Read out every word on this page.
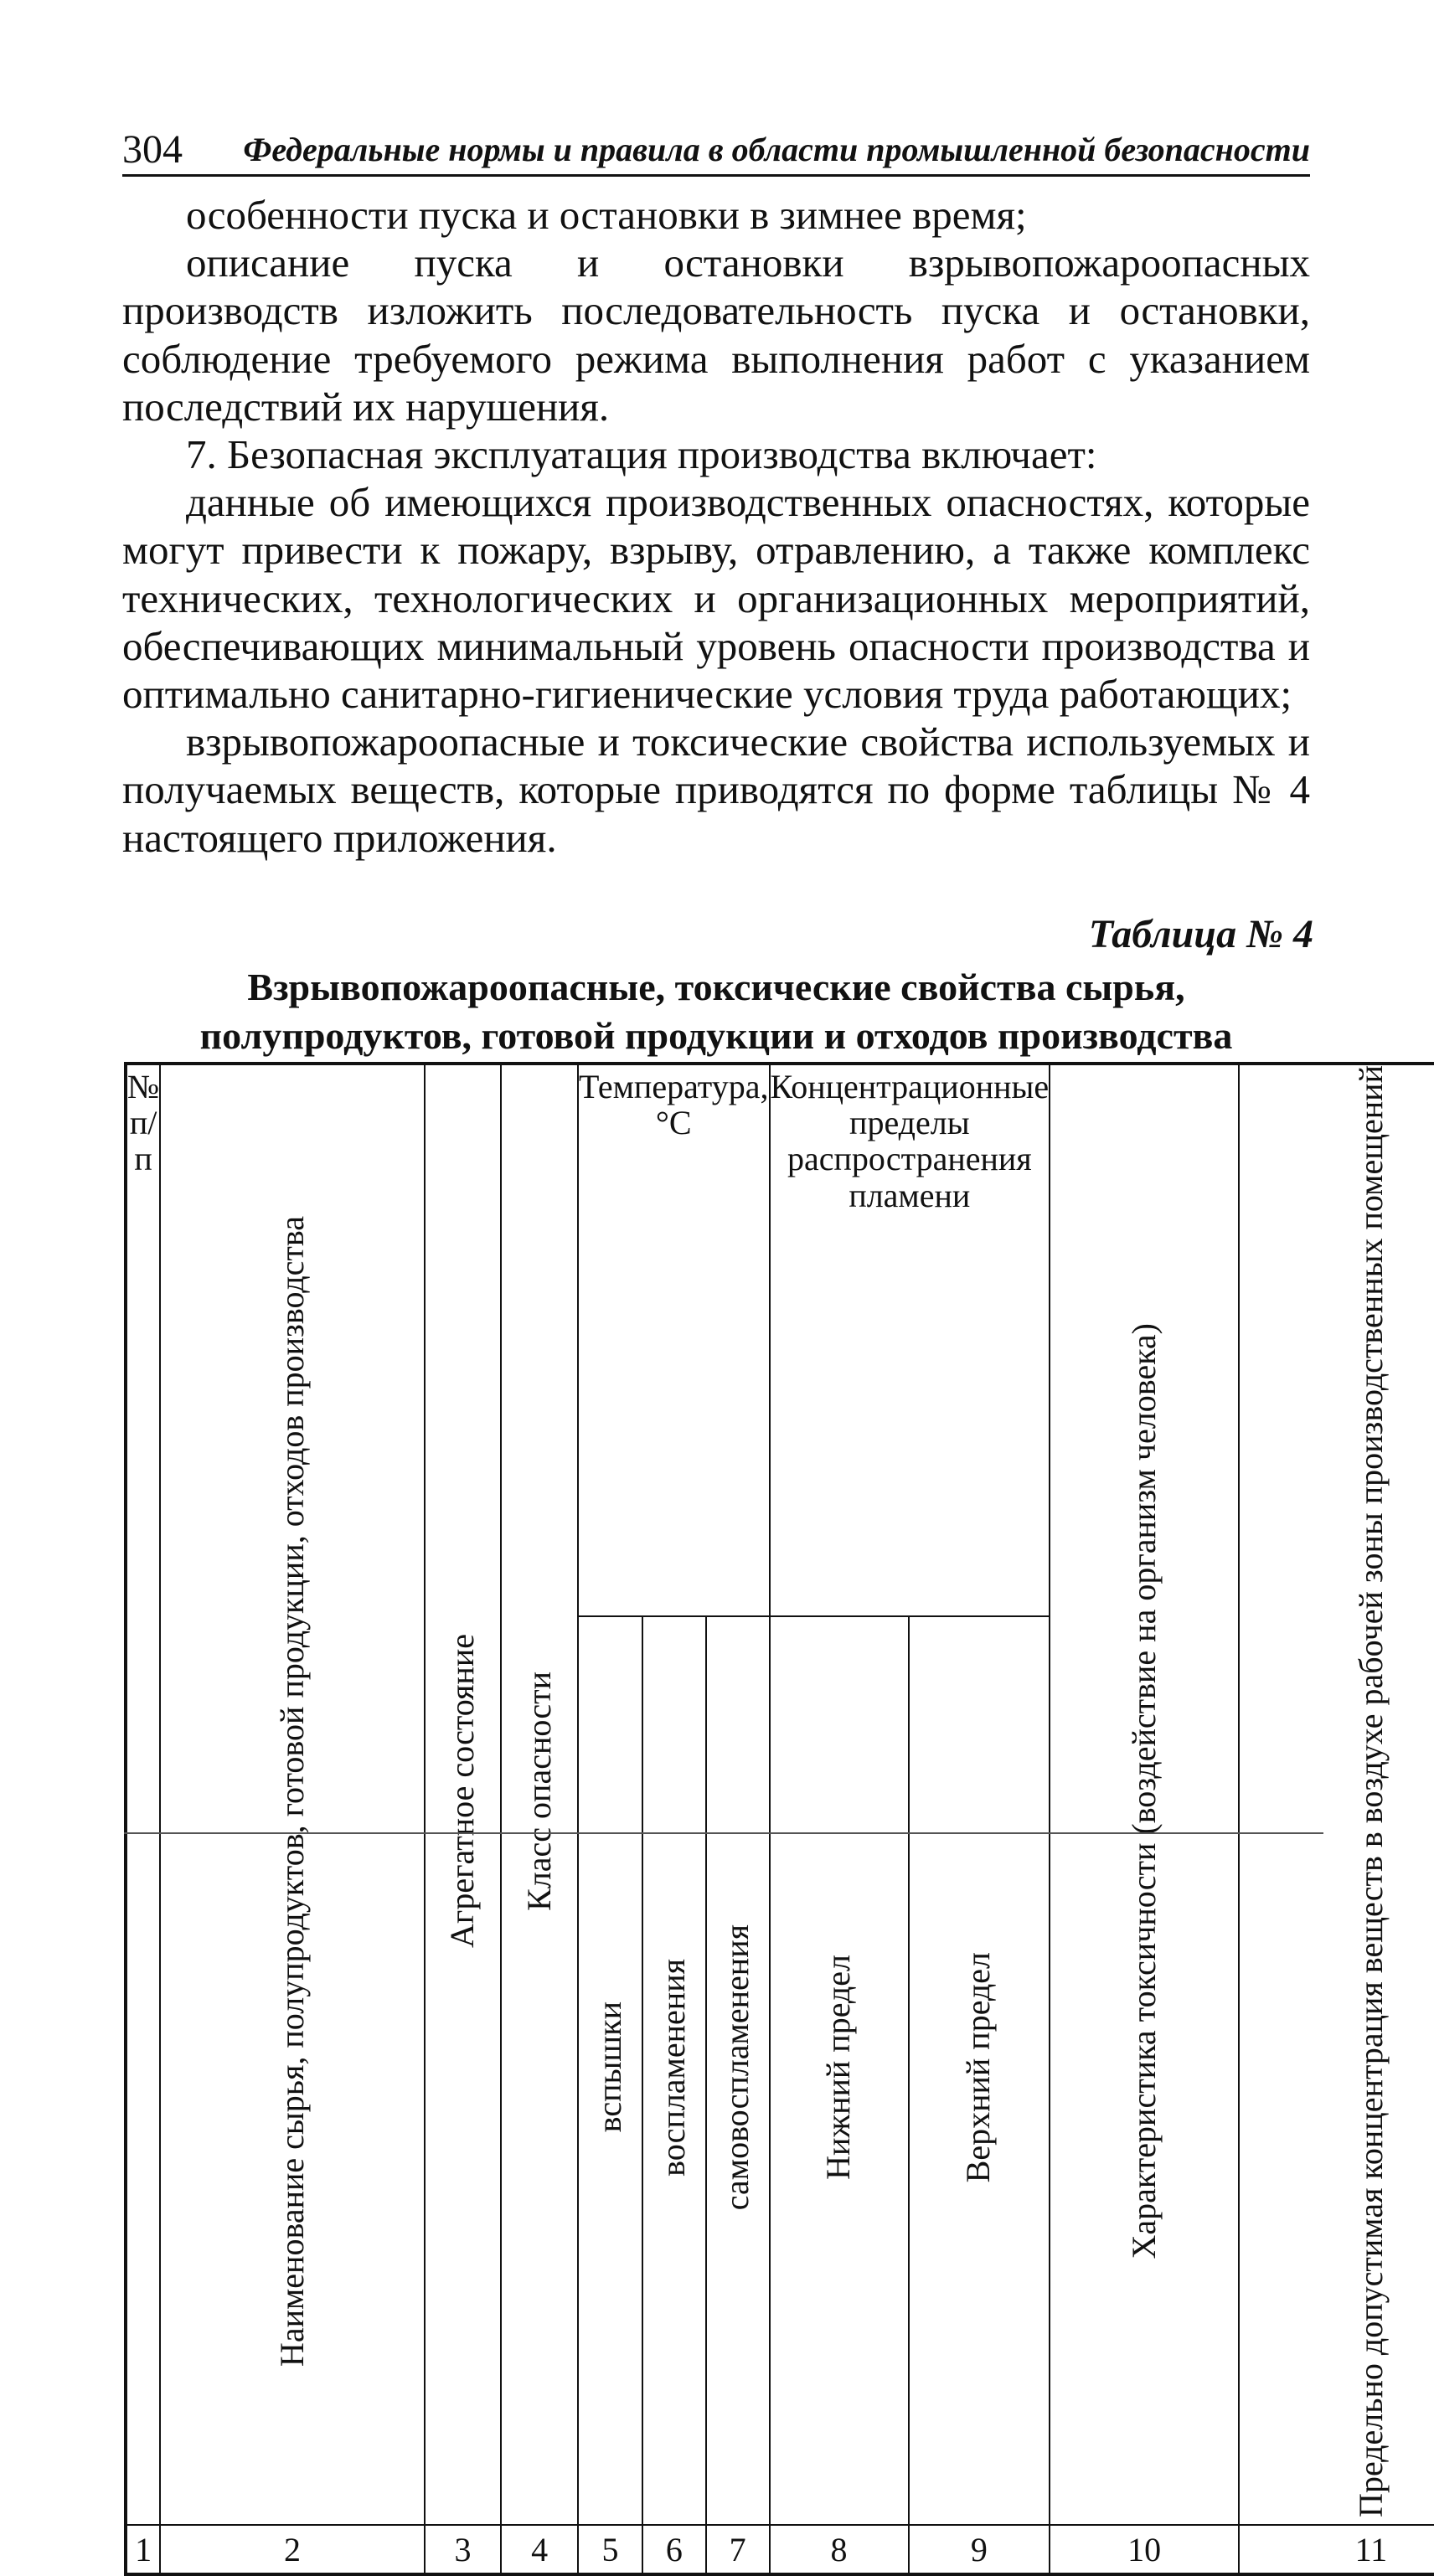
304 Федеральные нормы и правила в области промышленной безопасности

особенности пуска и остановки в зимнее время;

описание пуска и остановки взрывопожароопасных производств изложить последовательность пуска и остановки, соблюдение требуемого режима выполнения работ с указанием последствий их нарушения.

7. Безопасная эксплуатация производства включает:

данные об имеющихся производственных опасностях, которые могут привести к пожару, взрыву, отравлению, а также комплекс технических, технологических и организационных мероприятий, обеспечивающих минимальный уровень опасности производства и оптимально санитарно-гигиенические условия труда работающих;

взрывопожароопасные и токсические свойства используемых и получаемых веществ, которые приводятся по форме таблицы № 4 настоящего приложения.

Таблица № 4
Взрывопожароопасные, токсические свойства сырья, полупродуктов, готовой продукции и отходов производства
№ п/п	Наименование сырья, полупродуктов, готовой продукции, отходов производства	Агрегатное состояние	Класс опасности	Температура, °С			Концентрационные пределы распространения пламени		Характеристика токсичности (воздействие на организм человека)	Предельно допустимая концентрация веществ в воздухе рабочей зоны производственных помещений
				вспышки	воспламенения	самовоспламенения	Нижний предел	Верхний предел		
1	2	3	4	5	6	7	8	9	10	11
